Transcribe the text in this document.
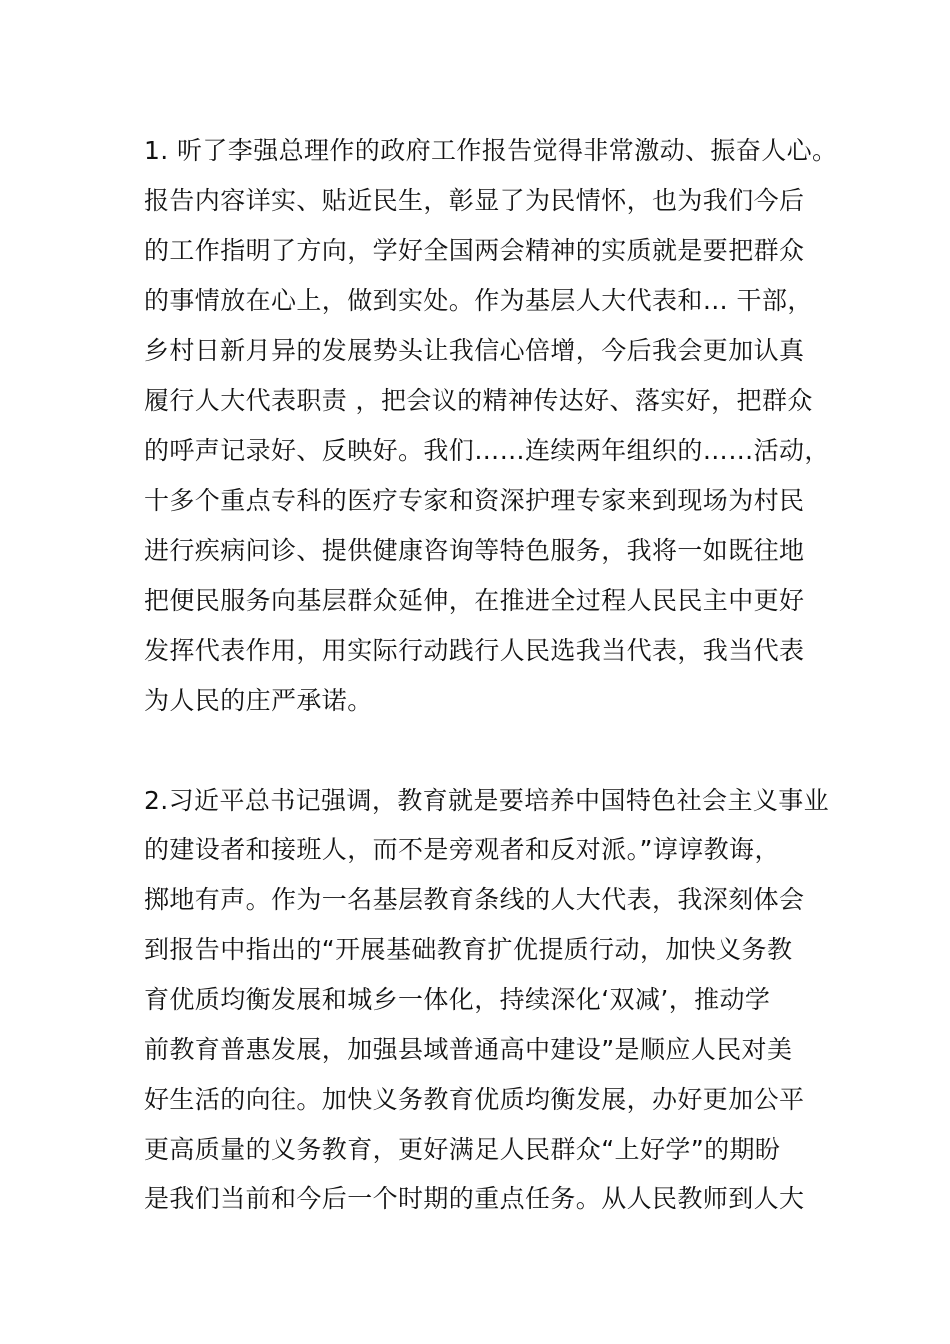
1. 听了李强总理作的政府工作报告觉得非常激动、振奋人心。
报告内容详实、贴近民生，彰显了为民情怀，也为我们今后
的工作指明了方向，学好全国两会精神的实质就是要把群众
的事情放在心上，做到实处。作为基层人大代表和… 干部，
乡村日新月异的发展势头让我信心倍增，今后我会更加认真
履行人大代表职责 ，把会议的精神传达好、落实好，把群众
的呼声记录好、反映好。我们……连续两年组织的……活动，
十多个重点专科的医疗专家和资深护理专家来到现场为村民
进行疾病问诊、提供健康咨询等特色服务，我将一如既往地
把便民服务向基层群众延伸，在推进全过程人民民主中更好
发挥代表作用，用实际行动践行人民选我当代表，我当代表
为人民的庄严承诺。
2.习近平总书记强调，教育就是要培养中国特色社会主义事业
的建设者和接班人，而不是旁观者和反对派。”谆谆教诲，
掷地有声。作为一名基层教育条线的人大代表，我深刻体会
到报告中指出的“开展基础教育扩优提质行动，加快义务教
育优质均衡发展和城乡一体化，持续深化‘双减’，推动学
前教育普惠发展，加强县域普通高中建设”是顺应人民对美
好生活的向往。加快义务教育优质均衡发展，办好更加公平
更高质量的义务教育，更好满足人民群众“上好学”的期盼
是我们当前和今后一个时期的重点任务。从人民教师到人大
